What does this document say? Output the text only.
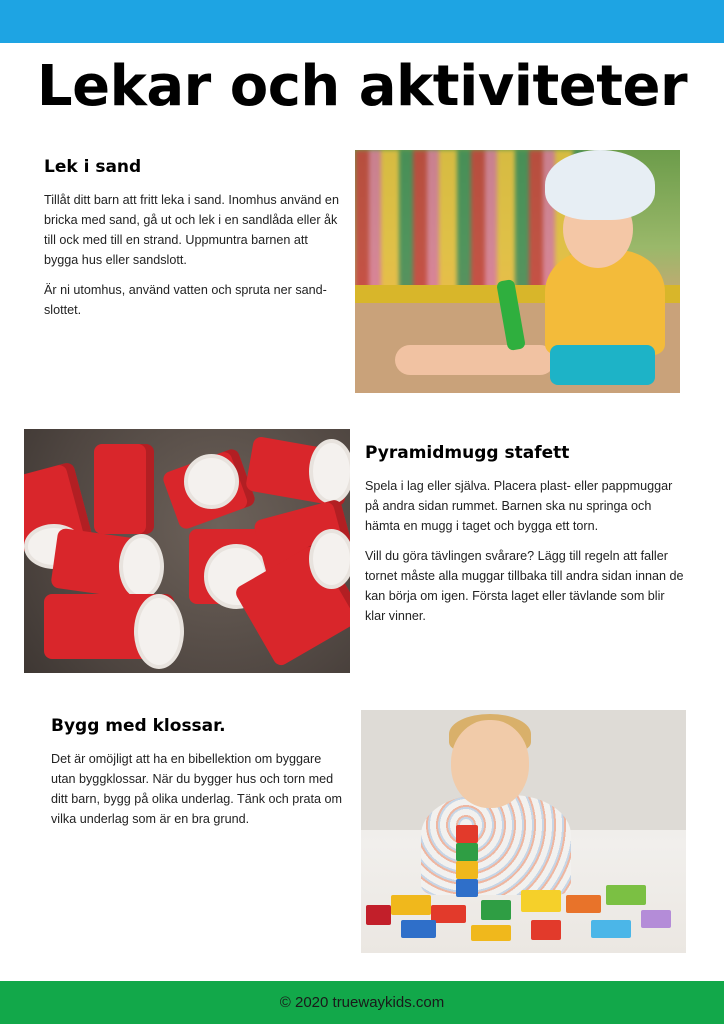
Lekar och aktiviteter
Lek i sand

Tillåt ditt barn att fritt leka i sand. Inomhus använd en bricka med sand, gå ut och lek i en sandlåda eller åk till ock med till en strand. Uppmuntra barnen att bygga hus eller sandslott.

Är ni utomhus, använd vatten och spruta ner sand-slottet.

Pyramidmugg stafett

Spela i lag eller själva. Placera plast- eller pappmuggar på andra sidan rummet. Barnen ska nu springa och hämta en mugg i taget och bygga ett torn.

Vill du göra tävlingen svårare? Lägg till regeln att faller tornet måste alla muggar tillbaka till andra sidan innan de kan börja om igen. Första laget eller tävlande som blir klar vinner.

Bygg med klossar.

Det är omöjligt att ha en bibellektion om byggare utan byggklossar. När du bygger hus och torn med ditt barn, bygg på olika underlag. Tänk och prata om vilka underlag som är en bra grund.

© 2020 truewaykids.com
